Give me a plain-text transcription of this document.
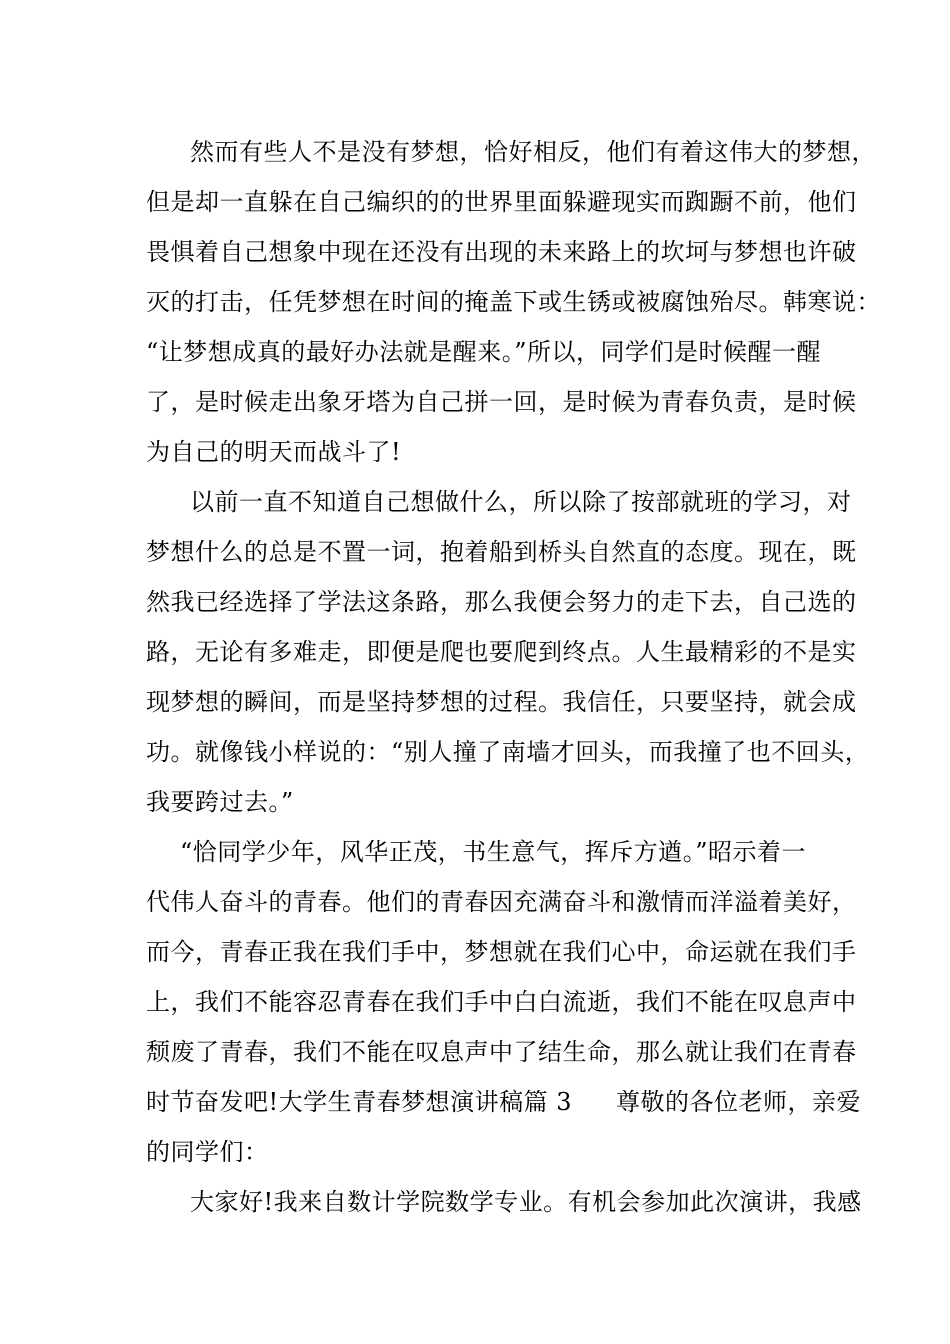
然而有些人不是没有梦想，恰好相反，他们有着这伟大的梦想，
但是却一直躲在自己编织的的世界里面躲避现实而踟蹰不前，他们
畏惧着自己想象中现在还没有出现的未来路上的坎坷与梦想也许破
灭的打击，任凭梦想在时间的掩盖下或生锈或被腐蚀殆尽。韩寒说：
“让梦想成真的最好办法就是醒来。”所以，同学们是时候醒一醒
了，是时候走出象牙塔为自己拼一回，是时候为青春负责，是时候
为自己的明天而战斗了!
以前一直不知道自己想做什么，所以除了按部就班的学习，对
梦想什么的总是不置一词，抱着船到桥头自然直的态度。现在，既
然我已经选择了学法这条路，那么我便会努力的走下去，自己选的
路，无论有多难走，即便是爬也要爬到终点。人生最精彩的不是实
现梦想的瞬间，而是坚持梦想的过程。我信任，只要坚持，就会成
功。就像钱小样说的：“别人撞了南墙才回头，而我撞了也不回头，
我要跨过去。”
“恰同学少年，风华正茂，书生意气，挥斥方遒。”昭示着一
代伟人奋斗的青春。他们的青春因充满奋斗和激情而洋溢着美好，
而今，青春正我在我们手中，梦想就在我们心中，命运就在我们手
上，我们不能容忍青春在我们手中白白流逝，我们不能在叹息声中
颓废了青春，我们不能在叹息声中了结生命，那么就让我们在青春
时节奋发吧!大学生青春梦想演讲稿篇 3 尊敬的各位老师，亲爱
的同学们：
大家好!我来自数计学院数学专业。有机会参加此次演讲，我感
